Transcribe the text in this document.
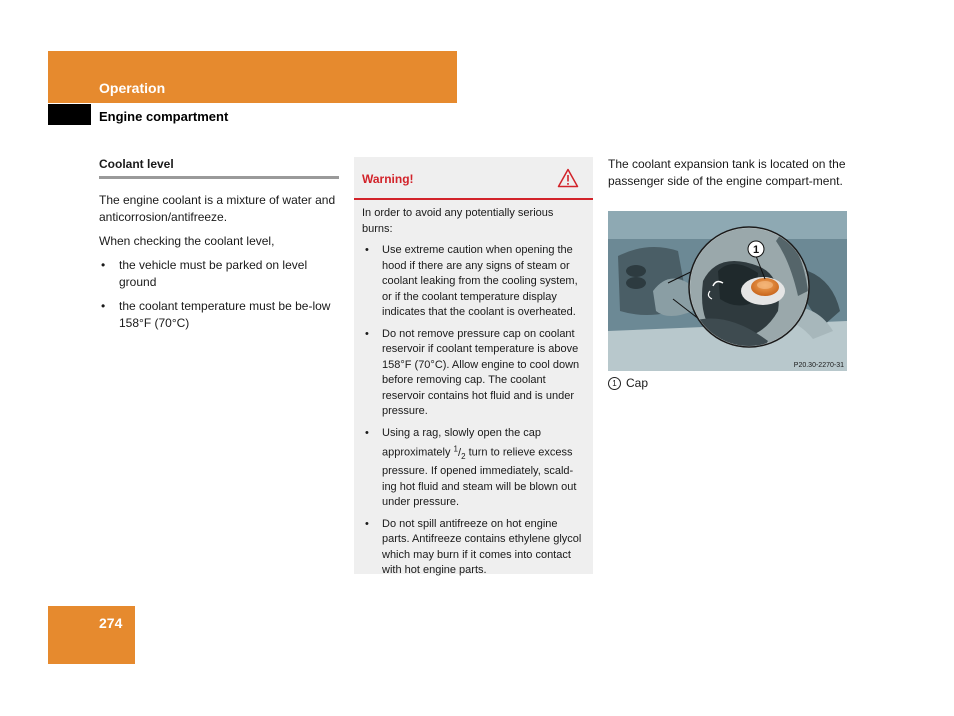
Operation
Engine compartment
Coolant level

The engine coolant is a mixture of water and anticorrosion/antifreeze.

When checking the coolant level,

• the vehicle must be parked on level ground
• the coolant temperature must be be-low 158°F (70°C)
Warning!

In order to avoid any potentially serious burns:

• Use extreme caution when opening the hood if there are any signs of steam or coolant leaking from the cooling system, or if the coolant temperature display indicates that the coolant is overheated.
• Do not remove pressure cap on coolant reservoir if coolant temperature is above 158°F (70°C). Allow engine to cool down before removing cap. The coolant reservoir contains hot fluid and is under pressure.
• Using a rag, slowly open the cap approximately $^1/_2$ turn to relieve excess pressure. If opened immediately, scald-ing hot fluid and steam will be blown out under pressure.
• Do not spill antifreeze on hot engine parts. Antifreeze contains ethylene glycol which may burn if it comes into contact with hot engine parts.

The coolant expansion tank is located on the passenger side of the engine compart-ment.

1
P20.30-2270-31
1 Cap
274
